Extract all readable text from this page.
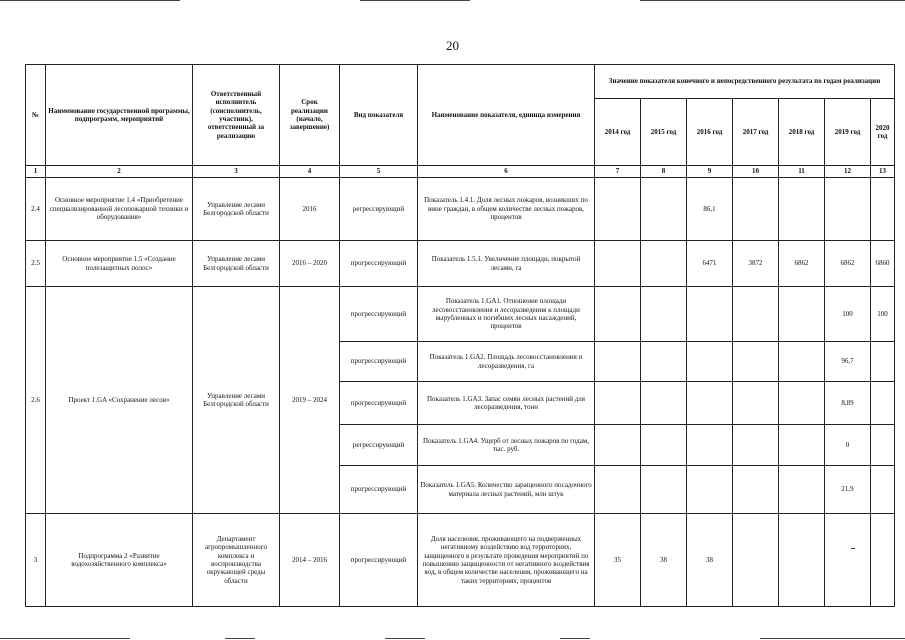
20
№	Наименование государственной программы, подпрограмм, мероприятий	Ответственный исполнитель (соисполнитель, участник), ответственный за реализацию	Срок реализации (начало, завершение)	Вид показателя	Наименование показателя, единица измерения	Значение показателя конечного и непосредственного результата по годам реализации						
						2014 год	2015 год	2016 год	2017 год	2018 год	2019 год	2020 год
1	2	3	4	5	6	7	8	9	10	11	12	13
2.4	Основное мероприятие 1.4 «Приобретение специализированной лесопожарной техники и оборудования»	Управление лесами Белгородской области	2016	регрессирующий	Показатель 1.4.1. Доля лесных пожаров, возникших по вине граждан, в общем количестве лесных пожаров, процентов			86,1				
2.5	Основное мероприятие 1.5 «Создание полезащитных полос»	Управление лесами Белгородской области	2016 – 2020	прогрессирующий	Показатель 1.5.1. Увеличение площади, покрытой лесами, га			6471	3872	6862	6862	6860
2.6	Проект 1.GA «Сохранение лесов»	Управление лесами Белгородской области	2019 – 2024	прогрессирующий	Показатель 1.GA1. Отношение площади лесовосстановления и лесоразведения к площади вырубленных и погибших лесных насаждений, процентов						100	100
				прогрессирующий	Показатель 1.GA2. Площадь лесовосстановления и лесоразведения, га						96,7	
				прогрессирующий	Показатель 1.GA3. Запас семян лесных растений для лесоразведения, тонн						8,89	
				регрессирующий	Показатель 1.GA4. Ущерб от лесных пожаров по годам, тыс. руб.						0	
				прогрессирующий	Показатель 1.GA5. Количество заращенного посадочного материала лесных растений, млн штук						21,9	
3	Подпрограмма 2 «Развитие водохозяйственного комплекса»	Департамент агропромышленного комплекса и воспроизводства окружающей среды области	2014 – 2016	прогрессирующий	Доля населения, проживающего на подверженных негативному воздействию вод территориях, защищенного в результате проведения мероприятий по повышению защищенности от негативного воздействия вод, в общем количестве населения, проживающего на таких территориях, процентов	35	38	38				
